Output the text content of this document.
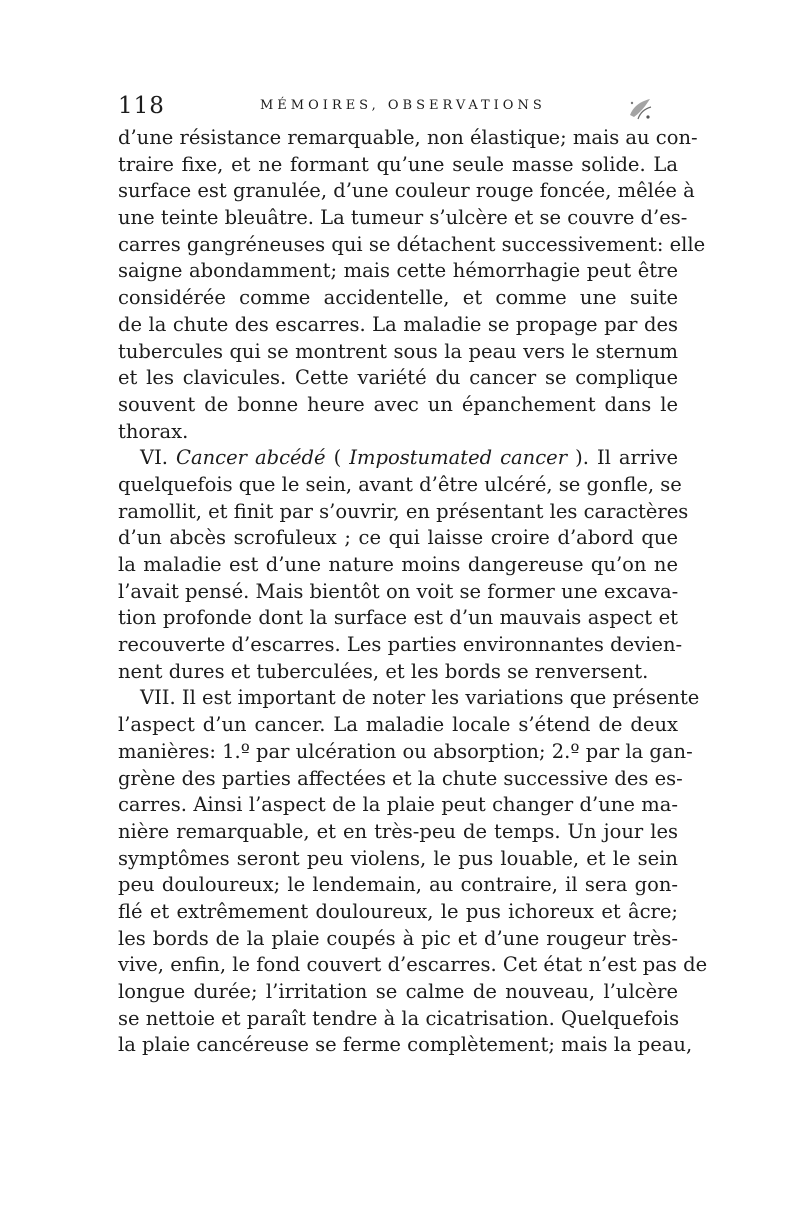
118	MÉMOIRES, OBSERVATIONS
d’une résistance remarquable, non élastique; mais au con-
traire fixe, et ne formant qu’une seule masse solide. La
surface est granulée, d’une couleur rouge foncée, mêlée à
une teinte bleuâtre. La tumeur s’ulcère et se couvre d’es-
carres gangréneuses qui se détachent successivement: elle
saigne abondamment; mais cette hémorrhagie peut être
considérée comme accidentelle, et comme une suite
de la chute des escarres. La maladie se propage par des
tubercules qui se montrent sous la peau vers le sternum
et les clavicules. Cette variété du cancer se complique
souvent de bonne heure avec un épanchement dans le
thorax.
VI. Cancer abcédé ( Impostumated cancer ). Il arrive
quelquefois que le sein, avant d’être ulcéré, se gonfle, se
ramollit, et finit par s’ouvrir, en présentant les caractères
d’un abcès scrofuleux ; ce qui laisse croire d’abord que
la maladie est d’une nature moins dangereuse qu’on ne
l’avait pensé. Mais bientôt on voit se former une excava-
tion profonde dont la surface est d’un mauvais aspect et
recouverte d’escarres. Les parties environnantes devien-
nent dures et tuberculées, et les bords se renversent.
VII. Il est important de noter les variations que présente
l’aspect d’un cancer. La maladie locale s’étend de deux
manières: 1.º par ulcération ou absorption; 2.º par la gan-
grène des parties affectées et la chute successive des es-
carres. Ainsi l’aspect de la plaie peut changer d’une ma-
nière remarquable, et en très-peu de temps. Un jour les
symptômes seront peu violens, le pus louable, et le sein
peu douloureux; le lendemain, au contraire, il sera gon-
flé et extrêmement douloureux, le pus ichoreux et âcre;
les bords de la plaie coupés à pic et d’une rougeur très-
vive, enfin, le fond couvert d’escarres. Cet état n’est pas de
longue durée; l’irritation se calme de nouveau, l’ulcère
se nettoie et paraît tendre à la cicatrisation. Quelquefois
la plaie cancéreuse se ferme complètement; mais la peau,
